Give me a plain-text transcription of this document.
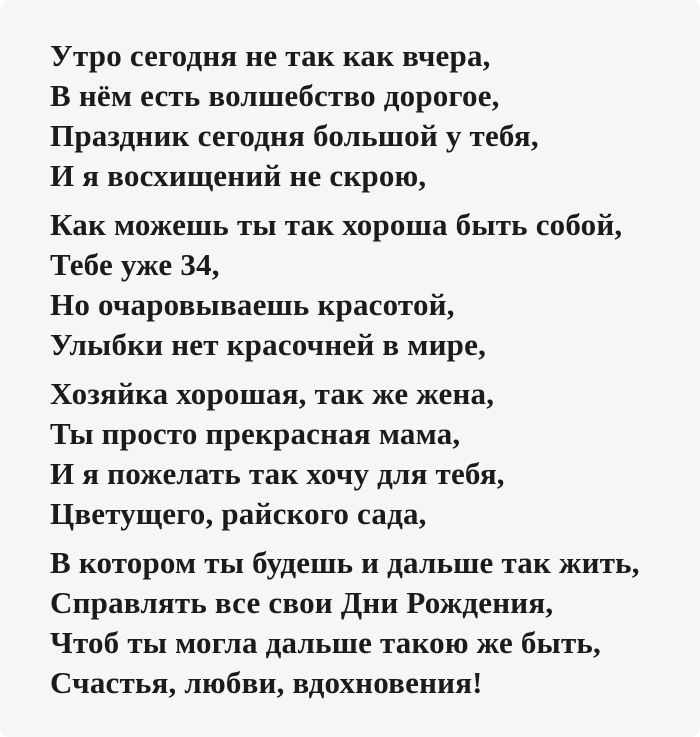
Утро сегодня не так как вчера,
В нём есть волшебство дорогое,
Праздник сегодня большой у тебя,
И я восхищений не скрою,
Как можешь ты так хороша быть собой,
Тебе уже 34,
Но очаровываешь красотой,
Улыбки нет красочней в мире,
Хозяйка хорошая, так же жена,
Ты просто прекрасная мама,
И я пожелать так хочу для тебя,
Цветущего, райского сада,
В котором ты будешь и дальше так жить,
Справлять все свои Дни Рождения,
Чтоб ты могла дальше такою же быть,
Счастья, любви, вдохновения!
